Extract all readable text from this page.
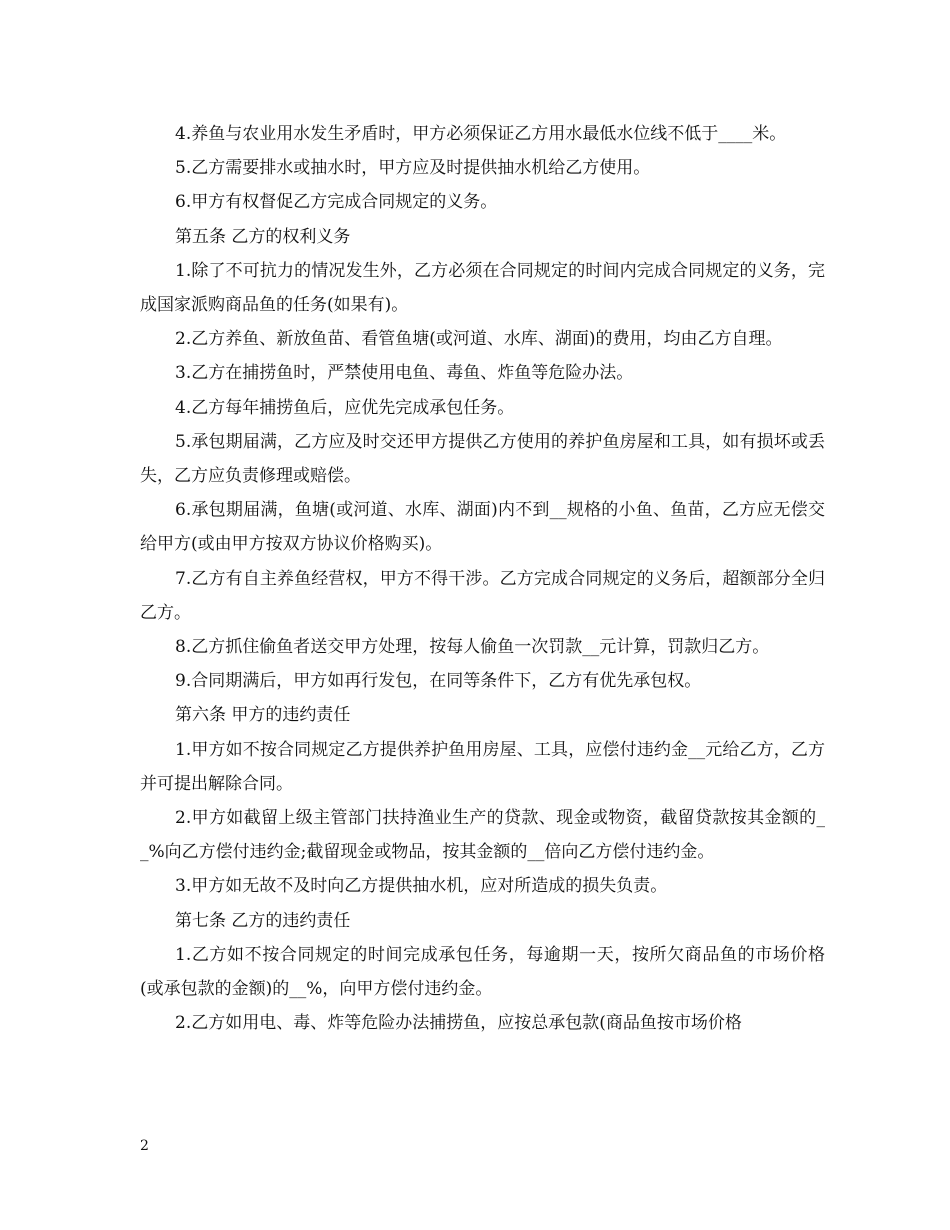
4.养鱼与农业用水发生矛盾时，甲方必须保证乙方用水最低水位线不低于____米。

5.乙方需要排水或抽水时，甲方应及时提供抽水机给乙方使用。

6.甲方有权督促乙方完成合同规定的义务。

第五条 乙方的权利义务

1.除了不可抗力的情况发生外，乙方必须在合同规定的时间内完成合同规定的义务，完成国家派购商品鱼的任务(如果有)。

2.乙方养鱼、新放鱼苗、看管鱼塘(或河道、水库、湖面)的费用，均由乙方自理。

3.乙方在捕捞鱼时，严禁使用电鱼、毒鱼、炸鱼等危险办法。

4.乙方每年捕捞鱼后，应优先完成承包任务。

5.承包期届满，乙方应及时交还甲方提供乙方使用的养护鱼房屋和工具，如有损坏或丢失，乙方应负责修理或赔偿。

6.承包期届满，鱼塘(或河道、水库、湖面)内不到__规格的小鱼、鱼苗，乙方应无偿交给甲方(或由甲方按双方协议价格购买)。

7.乙方有自主养鱼经营权，甲方不得干涉。乙方完成合同规定的义务后，超额部分全归乙方。

8.乙方抓住偷鱼者送交甲方处理，按每人偷鱼一次罚款__元计算，罚款归乙方。

9.合同期满后，甲方如再行发包，在同等条件下，乙方有优先承包权。

第六条 甲方的违约责任

1.甲方如不按合同规定乙方提供养护鱼用房屋、工具，应偿付违约金__元给乙方，乙方并可提出解除合同。

2.甲方如截留上级主管部门扶持渔业生产的贷款、现金或物资，截留贷款按其金额的__%向乙方偿付违约金;截留现金或物品，按其金额的__倍向乙方偿付违约金。

3.甲方如无故不及时向乙方提供抽水机，应对所造成的损失负责。

第七条 乙方的违约责任

1.乙方如不按合同规定的时间完成承包任务，每逾期一天，按所欠商品鱼的市场价格(或承包款的金额)的__%，向甲方偿付违约金。

2.乙方如用电、毒、炸等危险办法捕捞鱼，应按总承包款(商品鱼按市场价格

2
